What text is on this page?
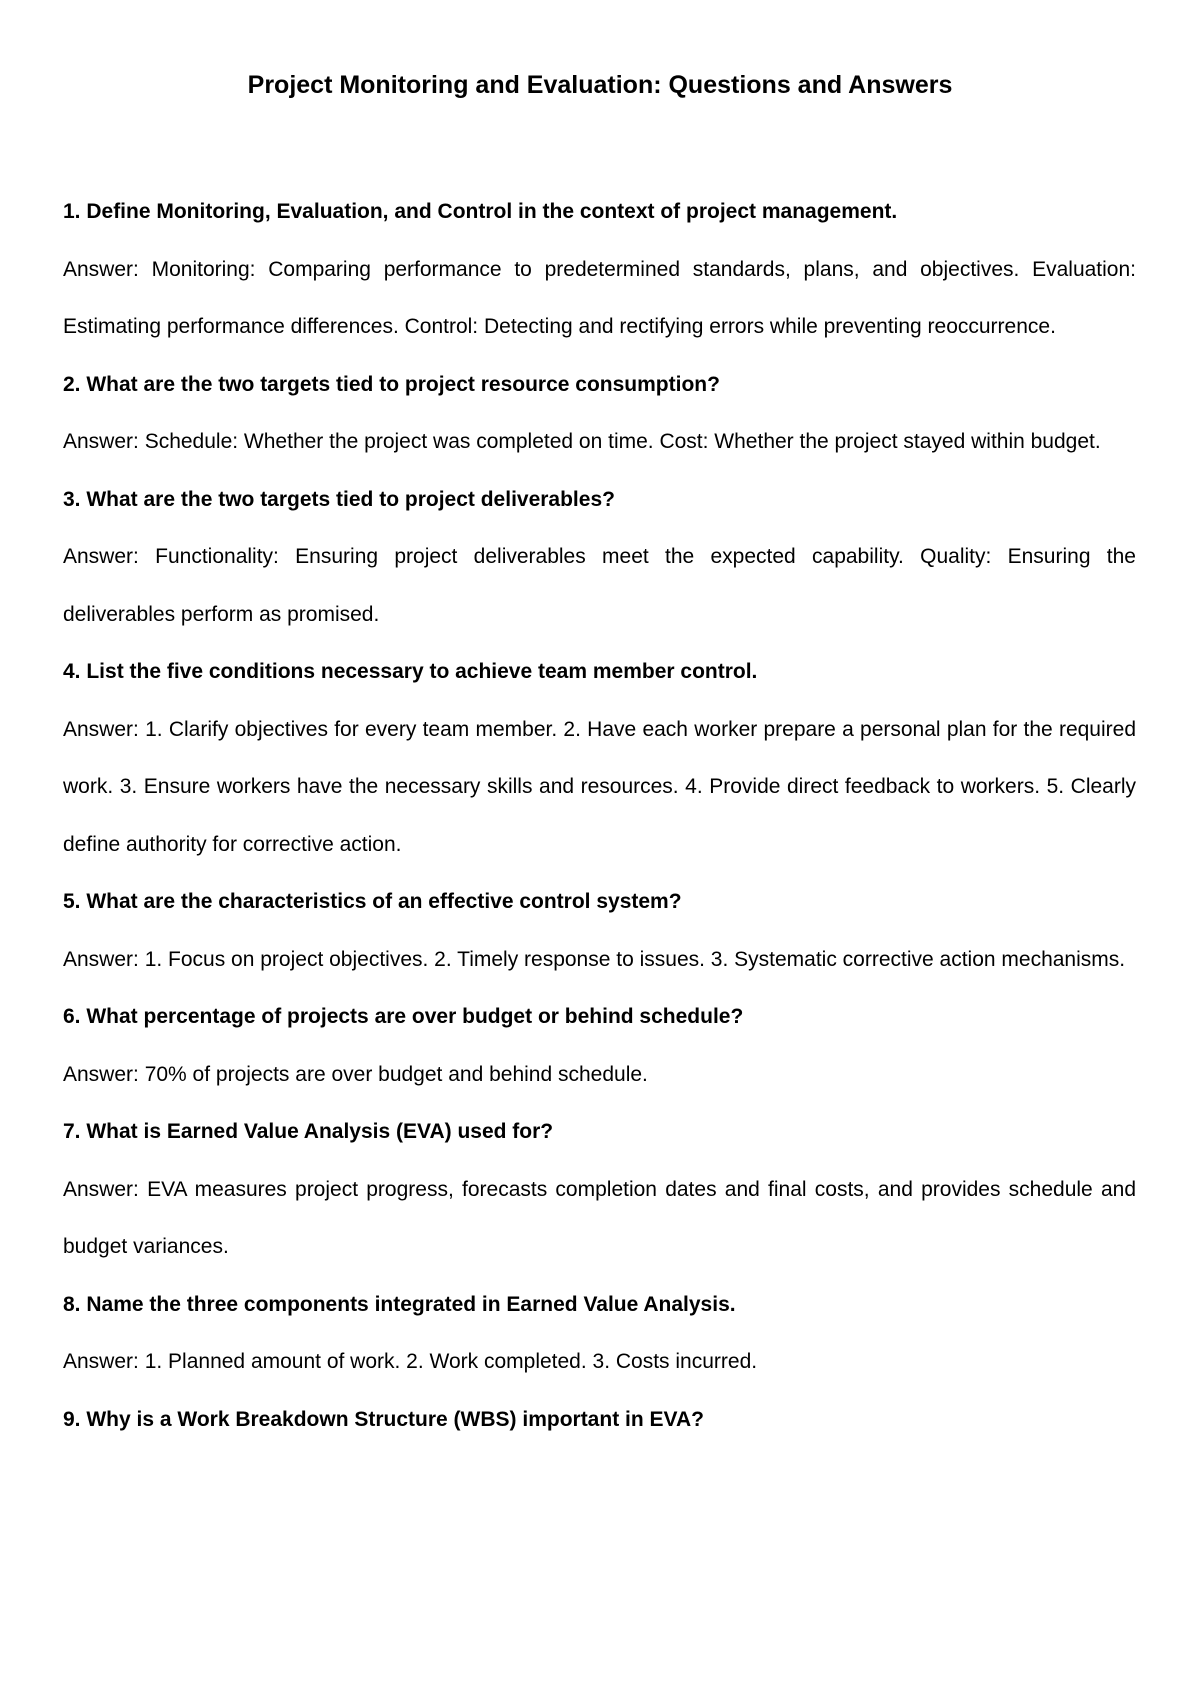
Project Monitoring and Evaluation: Questions and Answers

1. Define Monitoring, Evaluation, and Control in the context of project management.

Answer: Monitoring: Comparing performance to predetermined standards, plans, and objectives. Evaluation: Estimating performance differences. Control: Detecting and rectifying errors while preventing reoccurrence.

2. What are the two targets tied to project resource consumption?

Answer: Schedule: Whether the project was completed on time. Cost: Whether the project stayed within budget.

3. What are the two targets tied to project deliverables?

Answer: Functionality: Ensuring project deliverables meet the expected capability. Quality: Ensuring the deliverables perform as promised.

4. List the five conditions necessary to achieve team member control.

Answer: 1. Clarify objectives for every team member. 2. Have each worker prepare a personal plan for the required work. 3. Ensure workers have the necessary skills and resources. 4. Provide direct feedback to workers. 5. Clearly define authority for corrective action.

5. What are the characteristics of an effective control system?

Answer: 1. Focus on project objectives. 2. Timely response to issues. 3. Systematic corrective action mechanisms.

6. What percentage of projects are over budget or behind schedule?

Answer: 70% of projects are over budget and behind schedule.

7. What is Earned Value Analysis (EVA) used for?

Answer: EVA measures project progress, forecasts completion dates and final costs, and provides schedule and budget variances.

8. Name the three components integrated in Earned Value Analysis.

Answer: 1. Planned amount of work. 2. Work completed. 3. Costs incurred.

9. Why is a Work Breakdown Structure (WBS) important in EVA?
